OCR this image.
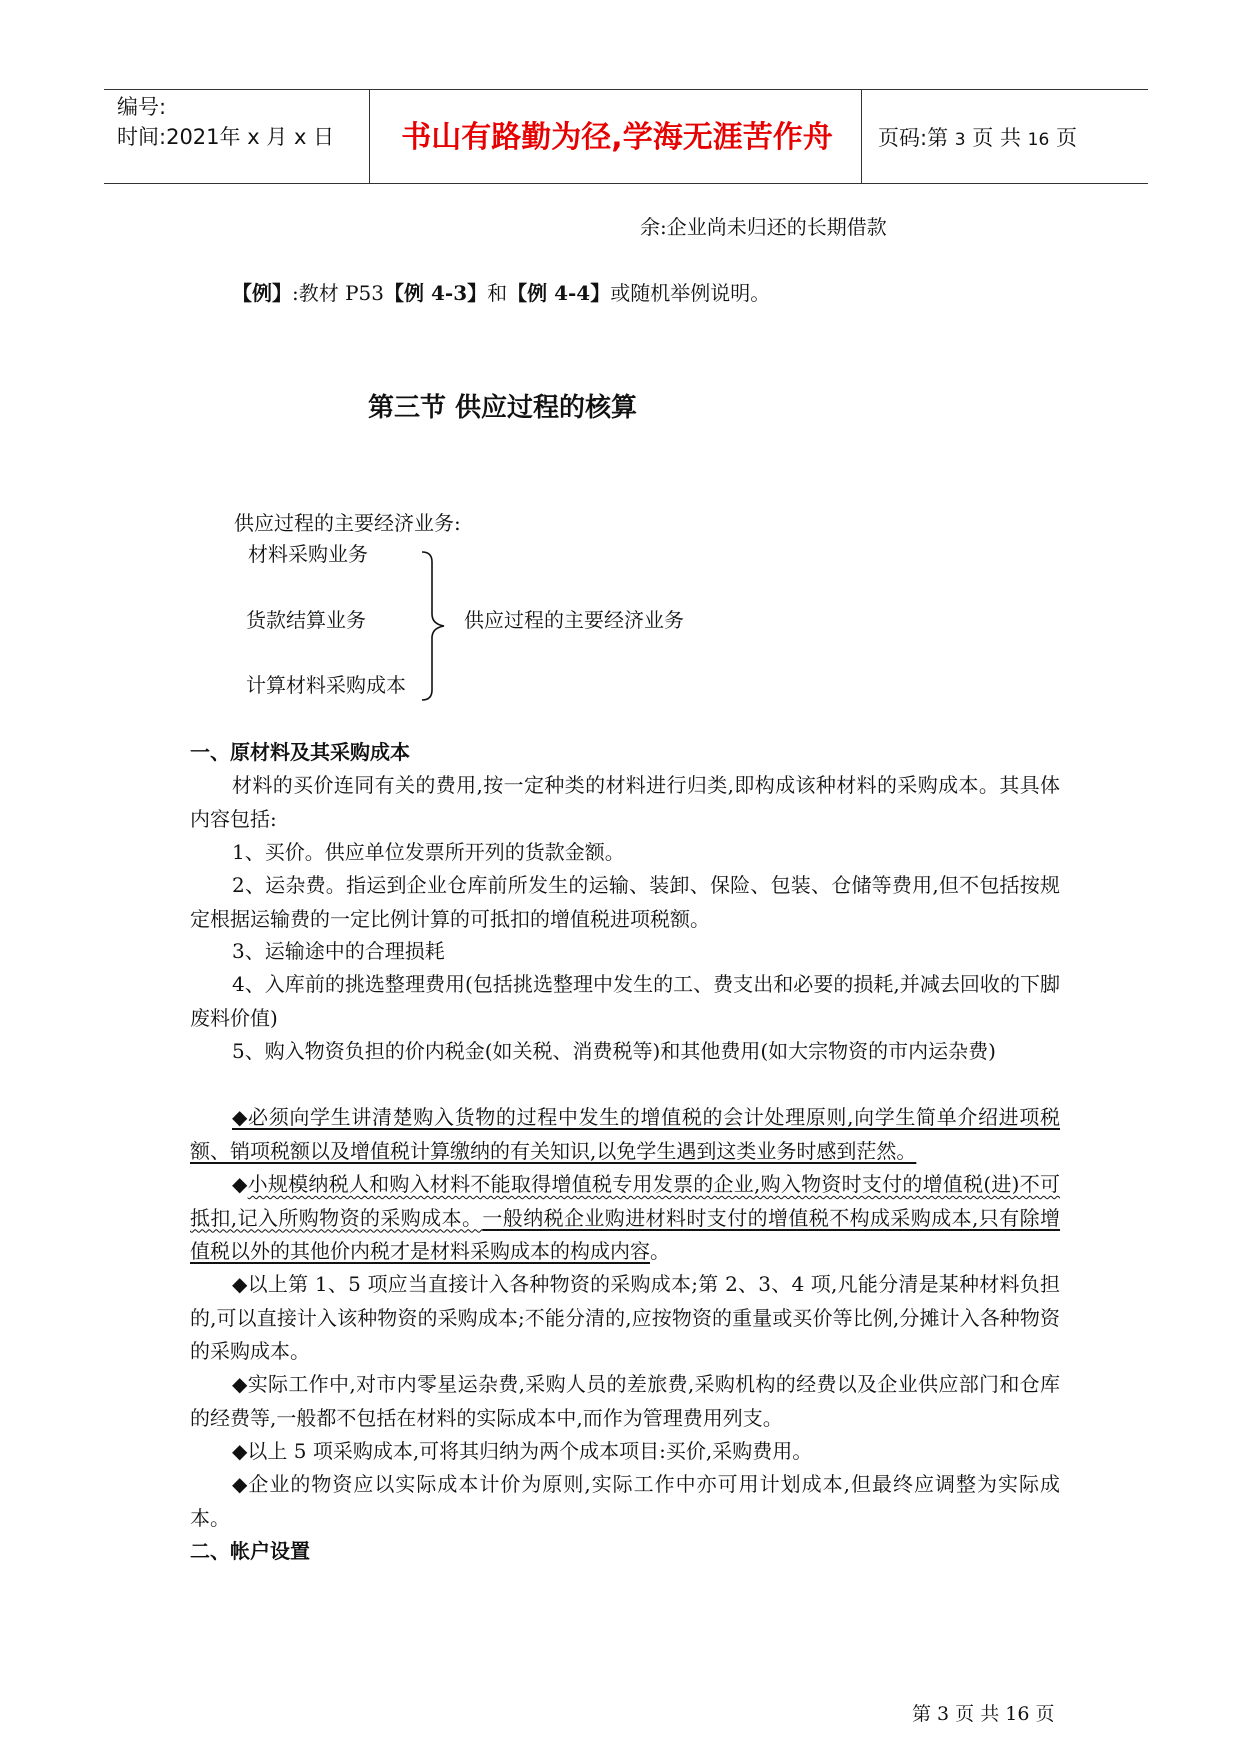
编号:
时间:2021年 x 月 x 日	书山有路勤为径,学海无涯苦作舟	页码:第 3 页 共 16 页
余:企业尚未归还的长期借款
【例】:教材 P53【例 4-3】和【例 4-4】或随机举例说明。
第三节 供应过程的核算
供应过程的主要经济业务:
材料采购业务
货款结算业务
计算材料采购成本
供应过程的主要经济业务
一、原材料及其采购成本
材料的买价连同有关的费用,按一定种类的材料进行归类,即构成该种材料的采购成本。其具体内容包括:
1、买价。供应单位发票所开列的货款金额。
2、运杂费。指运到企业仓库前所发生的运输、装卸、保险、包装、仓储等费用,但不包括按规定根据运输费的一定比例计算的可抵扣的增值税进项税额。
3、运输途中的合理损耗
4、入库前的挑选整理费用(包括挑选整理中发生的工、费支出和必要的损耗,并减去回收的下脚废料价值)
5、购入物资负担的价内税金(如关税、消费税等)和其他费用(如大宗物资的市内运杂费)
◆必须向学生讲清楚购入货物的过程中发生的增值税的会计处理原则,向学生简单介绍进项税额、销项税额以及增值税计算缴纳的有关知识,以免学生遇到这类业务时感到茫然。
◆小规模纳税人和购入材料不能取得增值税专用发票的企业,购入物资时支付的增值税(进)不可抵扣,记入所购物资的采购成本。一般纳税企业购进材料时支付的增值税不构成采购成本,只有除增值税以外的其他价内税才是材料采购成本的构成内容。
◆以上第 1、5 项应当直接计入各种物资的采购成本;第 2、3、4 项,凡能分清是某种材料负担的,可以直接计入该种物资的采购成本;不能分清的,应按物资的重量或买价等比例,分摊计入各种物资的采购成本。
◆实际工作中,对市内零星运杂费,采购人员的差旅费,采购机构的经费以及企业供应部门和仓库的经费等,一般都不包括在材料的实际成本中,而作为管理费用列支。
◆以上 5 项采购成本,可将其归纳为两个成本项目:买价,采购费用。
◆企业的物资应以实际成本计价为原则,实际工作中亦可用计划成本,但最终应调整为实际成本。
二、帐户设置
第 3 页 共 16 页
